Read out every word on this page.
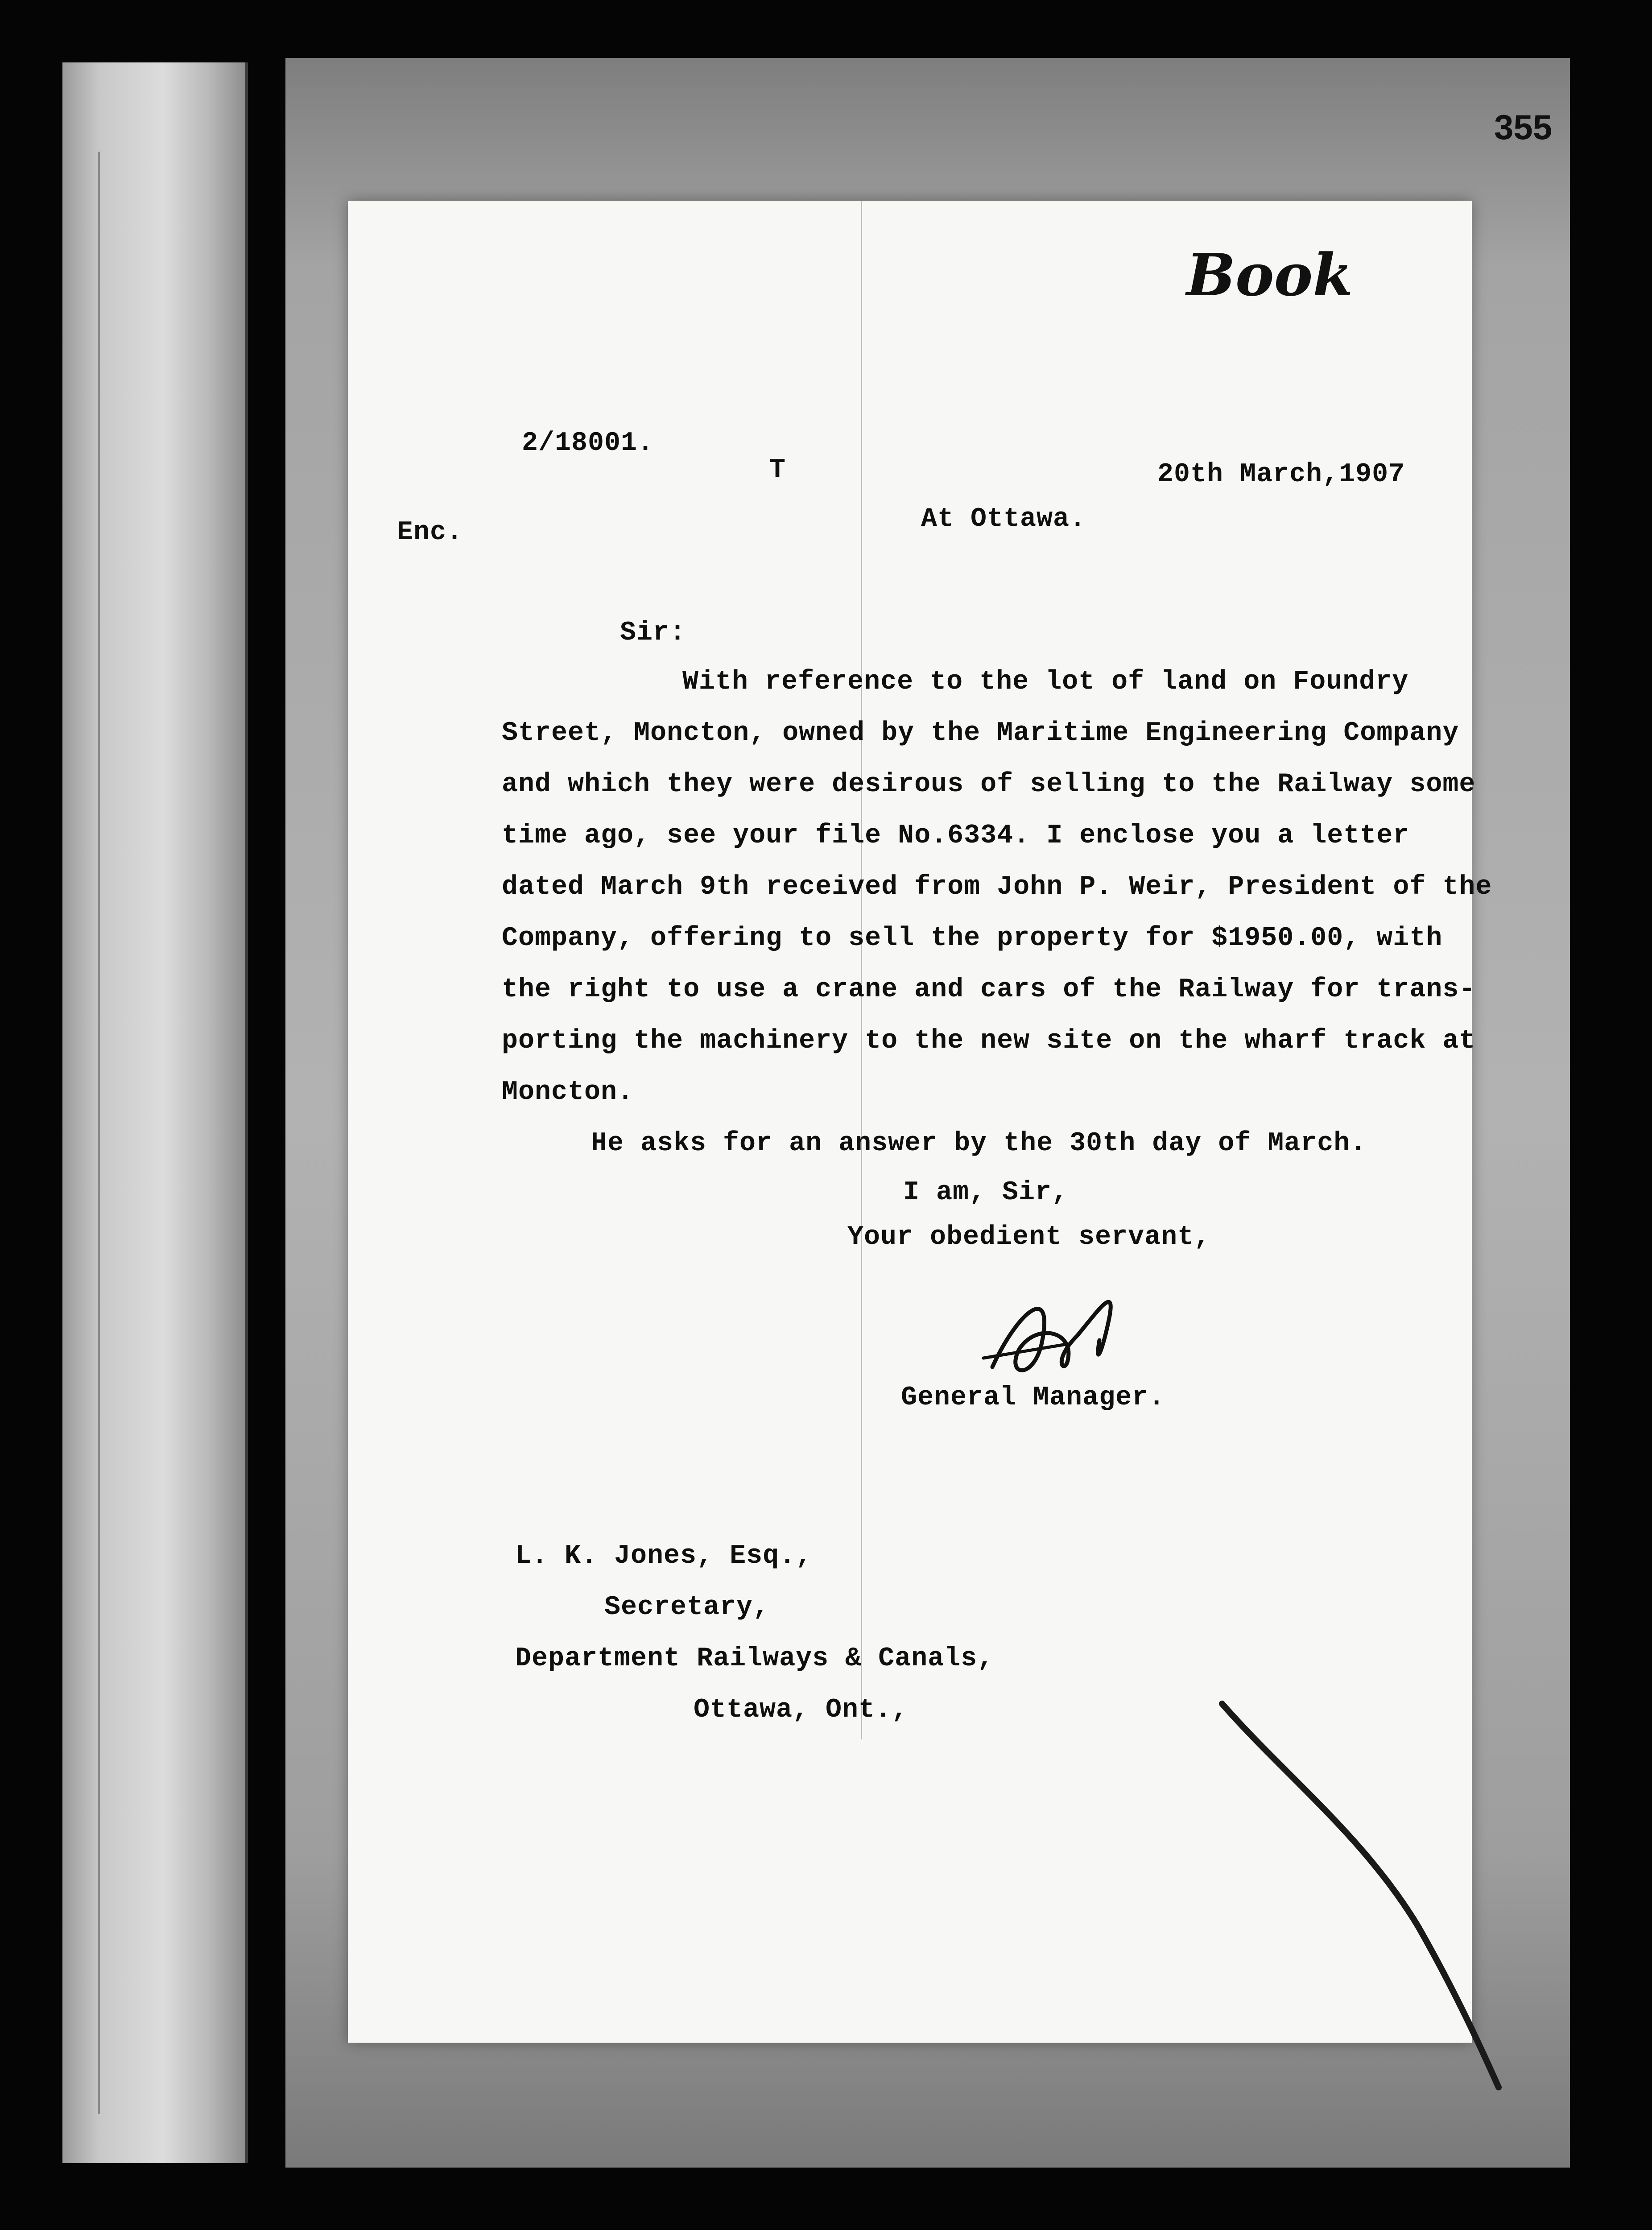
355
Book
2/18001.
T	20th March,1907
At Ottawa.
Enc.
Sir:
With reference to the lot of land on Foundry
Street, Moncton, owned by the Maritime Engineering Company
and which they were desirous of selling to the Railway some
time ago, see your file No.6334. I enclose you a letter
dated March 9th received from John P. Weir, President of the
Company, offering to sell the property for $1950.00, with
the right to use a crane and cars of the Railway for trans-
porting the machinery to the new site on the wharf track at
Moncton.
He asks for an answer by the 30th day of March.
I am, Sir,
Your obedient servant,
General Manager.
L. K. Jones, Esq.,
Secretary,
Department Railways & Canals,
Ottawa, Ont.,
